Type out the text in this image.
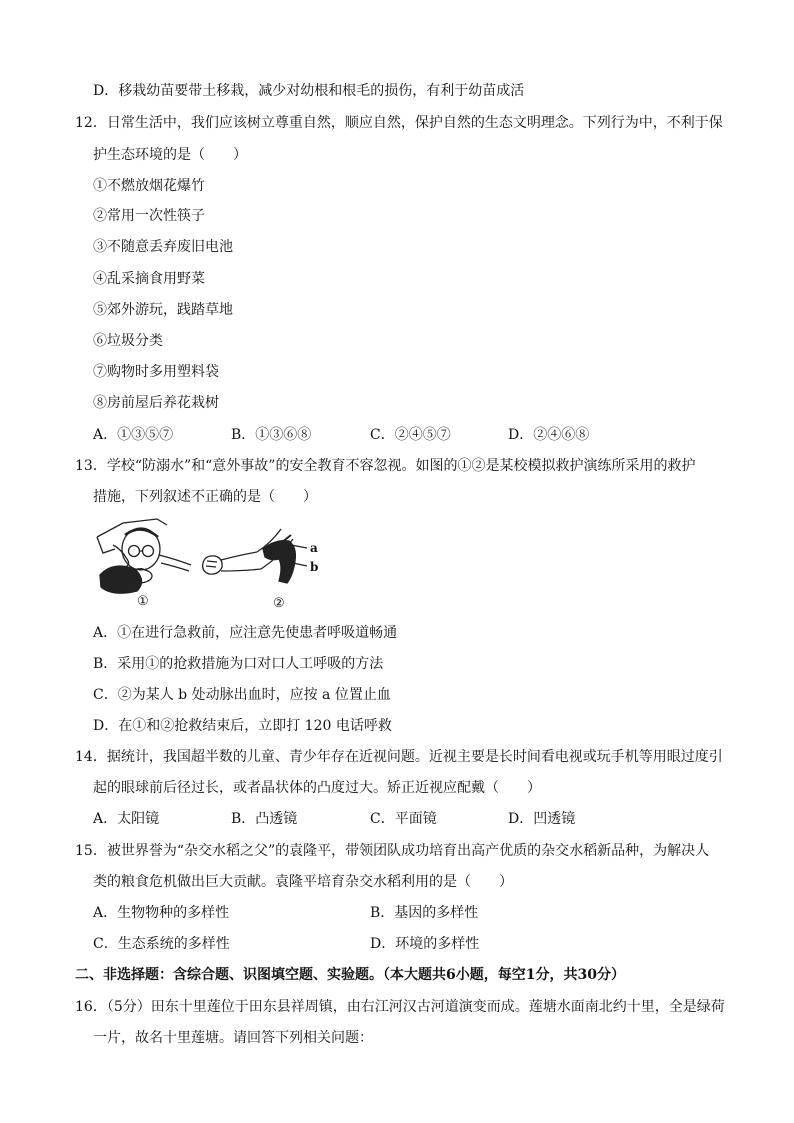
D．移栽幼苗要带土移栽，减少对幼根和根毛的损伤，有利于幼苗成活
12．日常生活中，我们应该树立尊重自然，顺应自然，保护自然的生态文明理念。下列行为中，不利于保
护生态环境的是（　　）
①不燃放烟花爆竹
②常用一次性筷子
③不随意丢弃废旧电池
④乱采摘食用野菜
⑤郊外游玩，践踏草地
⑥垃圾分类
⑦购物时多用塑料袋
⑧房前屋后养花栽树
A．①③⑤⑦	B．①③⑥⑧	C．②④⑤⑦	D．②④⑥⑧
13．学校“防溺水”和“意外事故”的安全教育不容忽视。如图的①②是某校模拟救护演练所采用的救护
措施，下列叙述不正确的是（　　）
①
a
b
②
A．①在进行急救前，应注意先使患者呼吸道畅通
B．采用①的抢救措施为口对口人工呼吸的方法
C．②为某人 b 处动脉出血时，应按 a 位置止血
D．在①和②抢救结束后，立即打 120 电话呼救
14．据统计，我国超半数的儿童、青少年存在近视问题。近视主要是长时间看电视或玩手机等用眼过度引
起的眼球前后径过长，或者晶状体的凸度过大。矫正近视应配戴（　　）
A．太阳镜	B．凸透镜	C．平面镜	D．凹透镜
15．被世界誉为“杂交水稻之父”的袁隆平，带领团队成功培育出高产优质的杂交水稻新品种，为解决人
类的粮食危机做出巨大贡献。袁隆平培育杂交水稻利用的是（　　）
A．生物物种的多样性	B．基因的多样性
C．生态系统的多样性	D．环境的多样性
二、非选择题：含综合题、识图填空题、实验题。（本大题共6小题，每空1分，共30分）
16．（5分）田东十里莲位于田东县祥周镇，由右江河汉古河道演变而成。莲塘水面南北约十里，全是绿荷
一片，故名十里莲塘。请回答下列相关问题：
